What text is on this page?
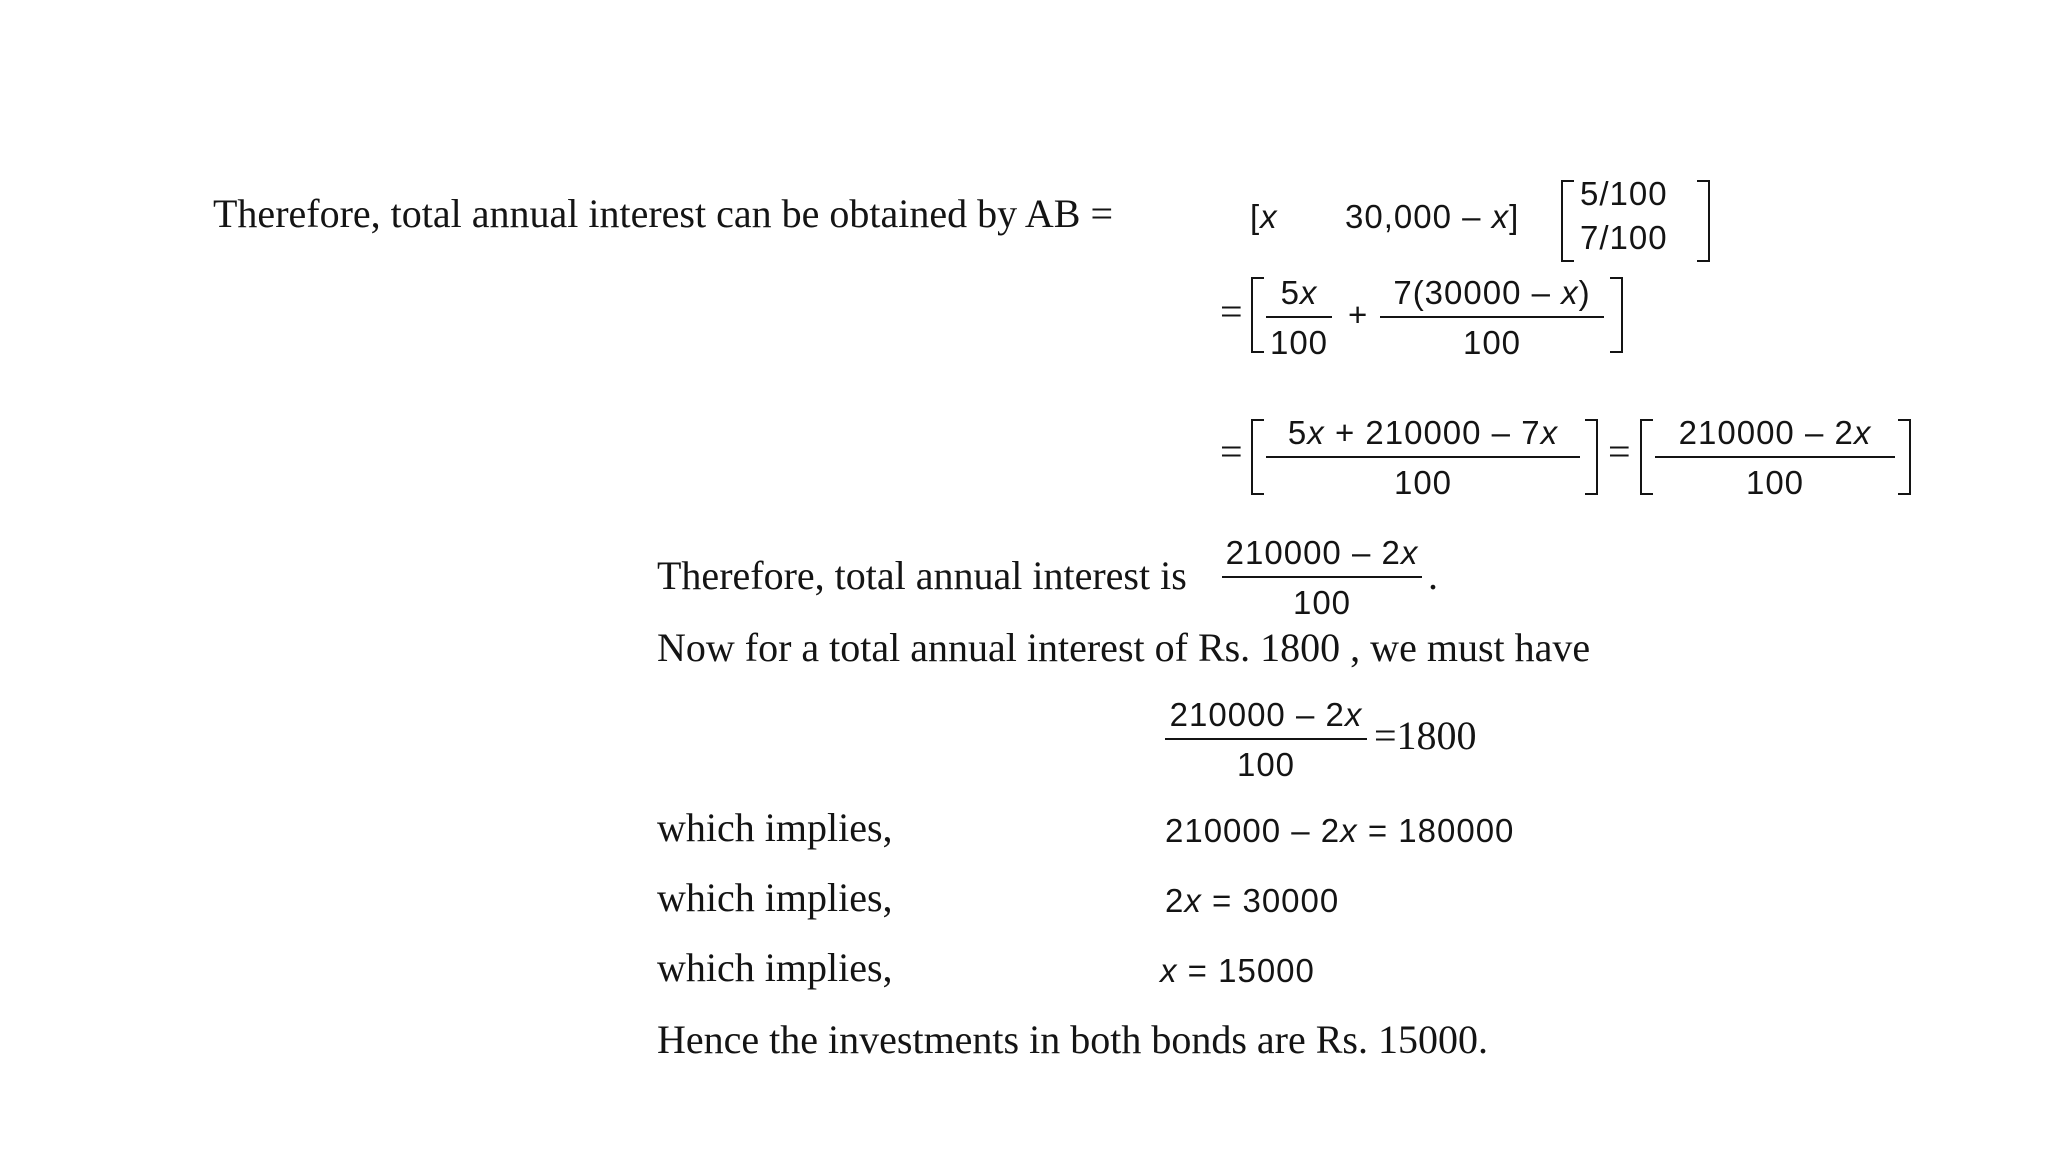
Therefore, total annual interest can be obtained by AB =	[x 30,000 – x]
5/100
7/100
=	5x
100
+
7(30000 – x)
100
=	5x + 210000 – 7x
100
=	210000 – 2x
100
Therefore, total annual interest is
210000 – 2x
100
.
Now for a total annual interest of Rs. 1800 , we must have
210000 – 2x
100
=1800
which implies,	210000 – 2x = 180000
which implies,	2x = 30000
which implies,	x = 15000
Hence the investments in both bonds are Rs. 15000.
